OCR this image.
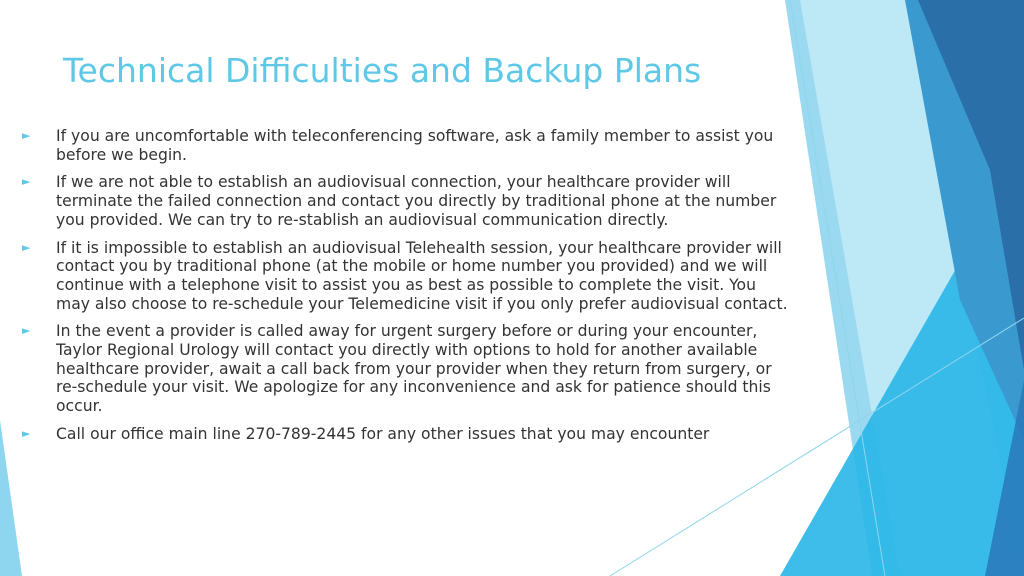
Technical Difficulties and Backup Plans
► If you are uncomfortable with teleconferencing software, ask a family member to assist you before we begin.
► If we are not able to establish an audiovisual connection, your healthcare provider will terminate the failed connection and contact you directly by traditional phone at the number you provided. We can try to re-stablish an audiovisual communication directly.
► If it is impossible to establish an audiovisual Telehealth session, your healthcare provider will contact you by traditional phone (at the mobile or home number you provided) and we will continue with a telephone visit to assist you as best as possible to complete the visit. You may also choose to re-schedule your Telemedicine visit if you only prefer audiovisual contact.
► In the event a provider is called away for urgent surgery before or during your encounter, Taylor Regional Urology will contact you directly with options to hold for another available healthcare provider, await a call back from your provider when they return from surgery, or re-schedule your visit. We apologize for any inconvenience and ask for patience should this occur.
► Call our office main line 270-789-2445 for any other issues that you may encounter
